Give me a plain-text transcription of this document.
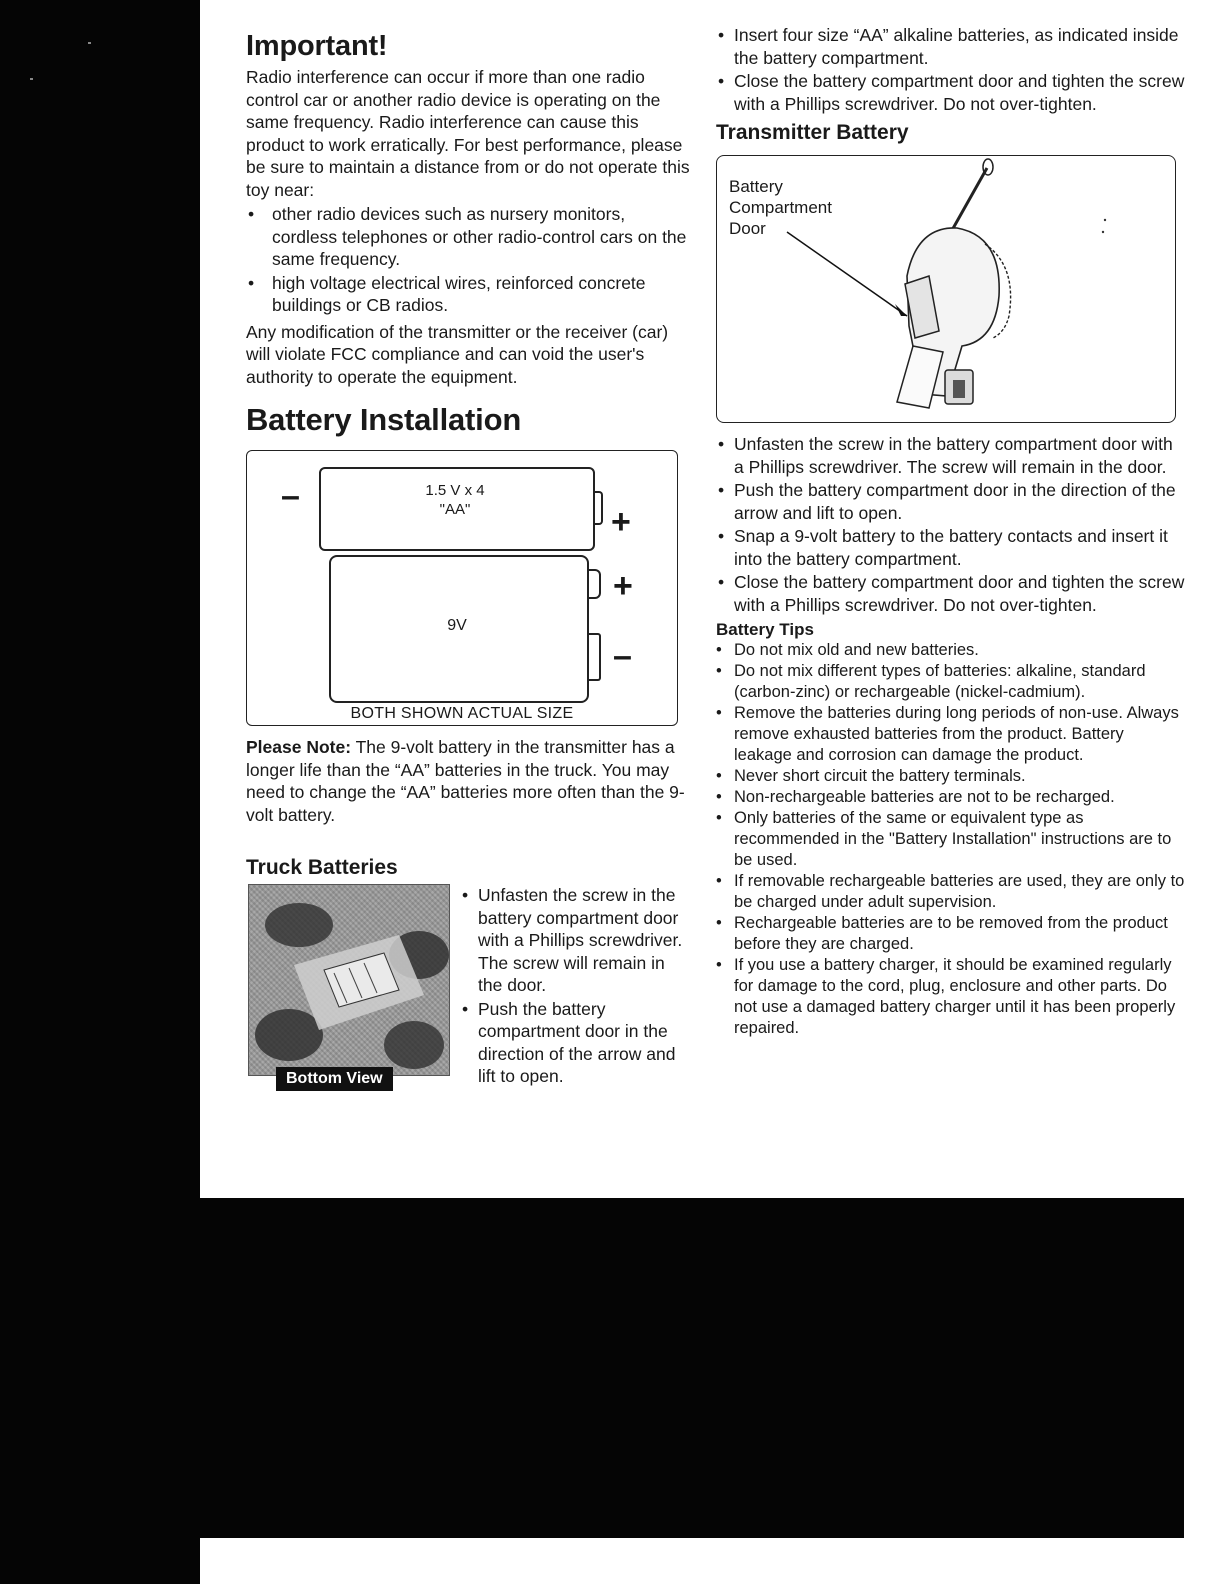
Important!

Radio interference can occur if more than one radio control car or another radio device is operating on the same frequency. Radio interference can cause this product to work erratically. For best performance, please be sure to maintain a distance from or do not operate this toy near:

• other radio devices such as nursery monitors, cordless telephones or other radio-control cars on the same frequency.
• high voltage electrical wires, reinforced concrete buildings or CB radios.

Any modification of the transmitter or the receiver (car) will violate FCC compliance and can void the user's authority to operate the equipment.

Battery Installation
–	1.5 V x 4
"AA"	+
9V
+
–
BOTH SHOWN ACTUAL SIZE

Please Note: The 9-volt battery in the transmitter has a longer life than the “AA” batteries in the truck. You may need to change the “AA” batteries more often than the 9-volt battery.

Truck Batteries
Bottom View
• Unfasten the screw in the battery compartment door with a Phillips screwdriver. The screw will remain in the door.
• Push the battery compartment door in the direction of the arrow and lift to open.
• Insert four size “AA” alkaline batteries, as indicated inside the battery compartment.
• Close the battery compartment door and tighten the screw with a Phillips screwdriver. Do not over-tighten.
Transmitter Battery
Battery
Compartment
Door
• Unfasten the screw in the battery compartment door with a Phillips screwdriver. The screw will remain in the door.
• Push the battery compartment door in the direction of the arrow and lift to open.
• Snap a 9-volt battery to the battery contacts and insert it into the battery compartment.
• Close the battery compartment door and tighten the screw with a Phillips screwdriver. Do not over-tighten.
Battery Tips
• Do not mix old and new batteries.
• Do not mix different types of batteries: alkaline, standard (carbon-zinc) or rechargeable (nickel-cadmium).
• Remove the batteries during long periods of non-use. Always remove exhausted batteries from the product. Battery leakage and corrosion can damage the product.
• Never short circuit the battery terminals.
• Non-rechargeable batteries are not to be recharged.
• Only batteries of the same or equivalent type as recommended in the "Battery Installation" instructions are to be used.
• If removable rechargeable batteries are used, they are only to be charged under adult supervision.
• Rechargeable batteries are to be removed from the product before they are charged.
• If you use a battery charger, it should be examined regularly for damage to the cord, plug, enclosure and other parts. Do not use a damaged battery charger until it has been properly repaired.
